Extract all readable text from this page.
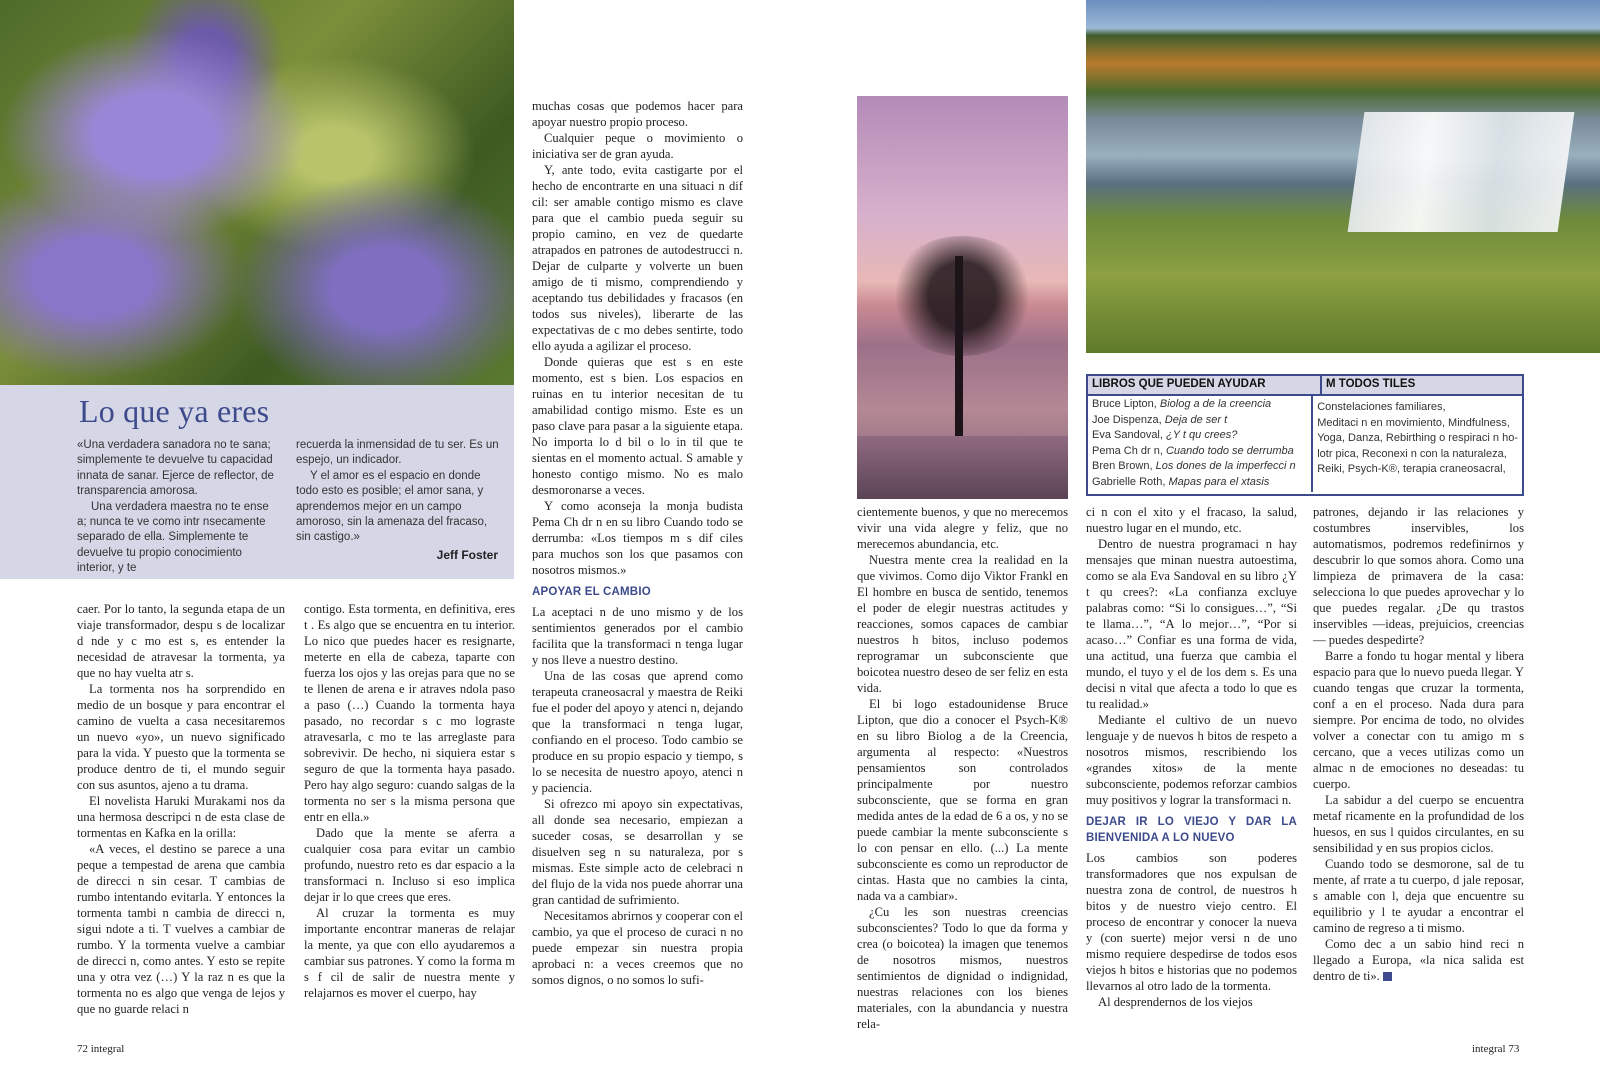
Lo que ya eres

«Una verdadera sanadora no te sana; simplemente te devuelve tu capacidad innata de sanar. Ejerce de reflector, de transparencia amorosa.

Una verdadera maestra no te ense a; nunca te ve como intr nsecamente separado de ella. Simplemente te devuelve tu propio conocimiento interior, y te

recuerda la inmensidad de tu ser. Es un espejo, un indicador.

Y el amor es el espacio en donde todo esto es posible; el amor sana, y aprendemos mejor en un campo amoroso, sin la amenaza del fracaso, sin castigo.»

Jeff Foster

caer. Por lo tanto, la segunda etapa de un viaje transformador, despu s de localizar d nde y c mo est s, es entender la necesidad de atravesar la tormenta, ya que no hay vuelta atr s.

La tormenta nos ha sorprendido en medio de un bosque y para encontrar el camino de vuelta a casa necesitaremos un nuevo «yo», un nuevo significado para la vida. Y puesto que la tormenta se produce dentro de ti, el mundo seguir con sus asuntos, ajeno a tu drama.

El novelista Haruki Murakami nos da una hermosa descripci n de esta clase de tormentas en Kafka en la orilla:

«A veces, el destino se parece a una peque a tempestad de arena que cambia de direcci n sin cesar. T cambias de rumbo intentando evitarla. Y entonces la tormenta tambi n cambia de direcci n, sigui ndote a ti. T vuelves a cambiar de rumbo. Y la tormenta vuelve a cambiar de direcci n, como antes. Y esto se repite una y otra vez (…) Y la raz n es que la tormenta no es algo que venga de lejos y que no guarde relaci n

contigo. Esta tormenta, en definitiva, eres t . Es algo que se encuentra en tu interior. Lo nico que puedes hacer es resignarte, meterte en ella de cabeza, taparte con fuerza los ojos y las orejas para que no se te llenen de arena e ir atraves ndola paso a paso (…) Cuando la tormenta haya pasado, no recordar s c mo lograste atravesarla, c mo te las arreglaste para sobrevivir. De hecho, ni siquiera estar s seguro de que la tormenta haya pasado. Pero hay algo seguro: cuando salgas de la tormenta no ser s la misma persona que entr en ella.»

Dado que la mente se aferra a cualquier cosa para evitar un cambio profundo, nuestro reto es dar espacio a la transformaci n. Incluso si eso implica dejar ir lo que crees que eres.

Al cruzar la tormenta es muy importante encontrar maneras de relajar la mente, ya que con ello ayudaremos a cambiar sus patrones. Y como la forma m s f cil de salir de nuestra mente y relajarnos es mover el cuerpo, hay

muchas cosas que podemos hacer para apoyar nuestro propio proceso.

Cualquier peque o movimiento o iniciativa ser de gran ayuda.

Y, ante todo, evita castigarte por el hecho de encontrarte en una situaci n dif cil: ser amable contigo mismo es clave para que el cambio pueda seguir su propio camino, en vez de quedarte atrapados en patrones de autodestrucci n. Dejar de culparte y volverte un buen amigo de ti mismo, comprendiendo y aceptando tus debilidades y fracasos (en todos sus niveles), liberarte de las expectativas de c mo debes sentirte, todo ello ayuda a agilizar el proceso.

Donde quieras que est s en este momento, est s bien. Los espacios en ruinas en tu interior necesitan de tu amabilidad contigo mismo. Este es un paso clave para pasar a la siguiente etapa. No importa lo d bil o lo in til que te sientas en el momento actual. S amable y honesto contigo mismo. No es malo desmoronarse a veces.

Y como aconseja la monja budista Pema Ch dr n en su libro Cuando todo se derrumba: «Los tiempos m s dif ciles para muchos son los que pasamos con nosotros mismos.»

APOYAR EL CAMBIO

La aceptaci n de uno mismo y de los sentimientos generados por el cambio facilita que la transformaci n tenga lugar y nos lleve a nuestro destino.

Una de las cosas que aprend como terapeuta craneosacral y maestra de Reiki fue el poder del apoyo y atenci n, dejando que la transformaci n tenga lugar, confiando en el proceso. Todo cambio se produce en su propio espacio y tiempo, s lo se necesita de nuestro apoyo, atenci n y paciencia.

Si ofrezco mi apoyo sin expectativas, all donde sea necesario, empiezan a suceder cosas, se desarrollan y se disuelven seg n su naturaleza, por s mismas. Este simple acto de celebraci n del flujo de la vida nos puede ahorrar una gran cantidad de sufrimiento.

Necesitamos abrirnos y cooperar con el cambio, ya que el proceso de curaci n no puede empezar sin nuestra propia aprobaci n: a veces creemos que no somos dignos, o no somos lo sufi-

cientemente buenos, y que no merecemos vivir una vida alegre y feliz, que no merecemos abundancia, etc.

Nuestra mente crea la realidad en la que vivimos. Como dijo Viktor Frankl en El hombre en busca de sentido, tenemos el poder de elegir nuestras actitudes y reacciones, somos capaces de cambiar nuestros h bitos, incluso podemos reprogramar un subconsciente que boicotea nuestro deseo de ser feliz en esta vida.

El bi logo estadounidense Bruce Lipton, que dio a conocer el Psych-K® en su libro Biolog a de la Creencia, argumenta al respecto: «Nuestros pensamientos son controlados principalmente por nuestro subconsciente, que se forma en gran medida antes de la edad de 6 a os, y no se puede cambiar la mente subconsciente s lo con pensar en ello. (...) La mente subconsciente es como un reproductor de cintas. Hasta que no cambies la cinta, nada va a cambiar».

¿Cu les son nuestras creencias subconscientes? Todo lo que da forma y crea (o boicotea) la imagen que tenemos de nosotros mismos, nuestros sentimientos de dignidad o indignidad, nuestras relaciones con los bienes materiales, con la abundancia y nuestra rela-

ci n con el xito y el fracaso, la salud, nuestro lugar en el mundo, etc.

Dentro de nuestra programaci n hay mensajes que minan nuestra autoestima, como se ala Eva Sandoval en su libro ¿Y t qu crees?: «La confianza excluye palabras como: “Si lo consigues…”, “Si te llama…”, “A lo mejor…”, “Por si acaso…” Confiar es una forma de vida, una actitud, una fuerza que cambia el mundo, el tuyo y el de los dem s. Es una decisi n vital que afecta a todo lo que es tu realidad.»

Mediante el cultivo de un nuevo lenguaje y de nuevos h bitos de respeto a nosotros mismos, rescribiendo los «grandes xitos» de la mente subconsciente, podemos reforzar cambios muy positivos y lograr la transformaci n.

DEJAR IR LO VIEJO Y DAR LA BIENVENIDA A LO NUEVO

Los cambios son poderes transformadores que nos expulsan de nuestra zona de control, de nuestros h bitos y de nuestro viejo centro. El proceso de encontrar y conocer la nueva y (con suerte) mejor versi n de uno mismo requiere despedirse de todos esos viejos h bitos e historias que no podemos llevarnos al otro lado de la tormenta.

Al desprendernos de los viejos

patrones, dejando ir las relaciones y costumbres inservibles, los automatismos, podremos redefinirnos y descubrir lo que somos ahora. Como una limpieza de primavera de la casa: selecciona lo que puedes aprovechar y lo que puedes regalar. ¿De qu trastos inservibles —ideas, prejuicios, creencias— puedes despedirte?

Barre a fondo tu hogar mental y libera espacio para que lo nuevo pueda llegar. Y cuando tengas que cruzar la tormenta, conf a en el proceso. Nada dura para siempre. Por encima de todo, no olvides volver a conectar con tu amigo m s cercano, que a veces utilizas como un almac n de emociones no deseadas: tu cuerpo.

La sabidur a del cuerpo se encuentra metaf ricamente en la profundidad de los huesos, en sus l quidos circulantes, en su sensibilidad y en sus propios ciclos.

Cuando todo se desmorone, sal de tu mente, af rrate a tu cuerpo, d jale reposar, s amable con l, deja que encuentre su equilibrio y l te ayudar a encontrar el camino de regreso a ti mismo.

Como dec a un sabio hind reci n llegado a Europa, «la nica salida est dentro de ti».

LIBROS QUE PUEDEN AYUDAR	M TODOS TILES
Bruce Lipton, Biolog a de la creencia
Joe Dispenza, Deja de ser t
Eva Sandoval, ¿Y t qu crees?
Pema Ch dr n, Cuando todo se derrumba
Bren Brown, Los dones de la imperfecci n
Gabrielle Roth, Mapas para el xtasis
Constelaciones familiares,
Meditaci n en movimiento, Mindfulness,
Yoga, Danza, Rebirthing o respiraci n ho-
lotr pica, Reconexi n con la naturaleza,
Reiki, Psych-K®, terapia craneosacral,
72 integral	integral 73
